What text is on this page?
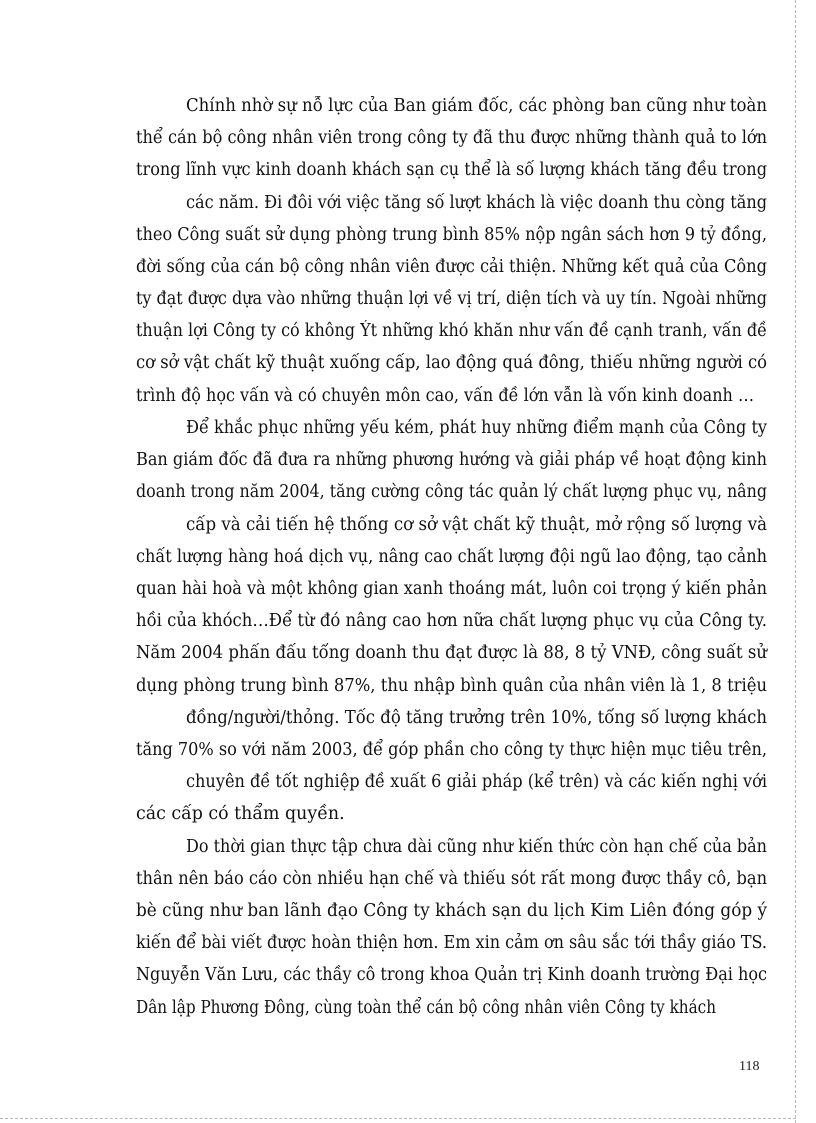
Chính nhờ sự nỗ lực của Ban giám đốc, các phòng ban cũng như toàn
thể cán bộ công nhân viên trong công ty đã thu được những thành quả to lớn
trong lĩnh vực kinh doanh khách sạn cụ thể là số lượng khách tăng đều trong
các năm. Đi đôi với việc tăng số lượt khách là việc doanh thu còng tăng
theo Công suất sử dụng phòng trung bình 85% nộp ngân sách hơn 9 tỷ đồng,
đời sống của cán bộ công nhân viên được cải thiện. Những kết quả của Công
ty đạt được dựa vào những thuận lợi về vị trí, diện tích và uy tín. Ngoài những
thuận lợi Công ty có không Ýt những khó khăn như vấn đề cạnh tranh, vấn đề
cơ sở vật chất kỹ thuật xuống cấp, lao động quá đông, thiếu những người có
trình độ học vấn và có chuyên môn cao, vấn đề lớn vẫn là vốn kinh doanh …
Để khắc phục những yếu kém, phát huy những điểm mạnh của Công ty
Ban giám đốc đã đưa ra những phương hướng và giải pháp về hoạt động kinh
doanh trong năm 2004, tăng cường công tác quản lý chất lượng phục vụ, nâng
cấp và cải tiến hệ thống cơ sở vật chất kỹ thuật, mở rộng số lượng và
chất lượng hàng hoá dịch vụ, nâng cao chất lượng đội ngũ lao động, tạo cảnh
quan hài hoà và một không gian xanh thoáng mát, luôn coi trọng ý kiến phản
hồi của khóch…Để từ đó nâng cao hơn nữa chất lượng phục vụ của Công ty.
Năm 2004 phấn đấu tổng doanh thu đạt được là 88, 8 tỷ VNĐ, công suất sử
dụng phòng trung bình 87%, thu nhập bình quân của nhân viên là 1, 8 triệu
đồng/người/thỏng. Tốc độ tăng trưởng trên 10%, tổng số lượng khách
tăng 70% so với năm 2003, để góp phần cho công ty thực hiện mục tiêu trên,
chuyên đề tốt nghiệp đề xuất 6 giải pháp (kể trên) và các kiến nghị với
các cấp có thẩm quyền.
Do thời gian thực tập chưa dài cũng như kiến thức còn hạn chế của bản
thân nên báo cáo còn nhiều hạn chế và thiếu sót rất mong được thầy cô, bạn
bè cũng như ban lãnh đạo Công ty khách sạn du lịch Kim Liên đóng góp ý
kiến để bài viết được hoàn thiện hơn. Em xin cảm ơn sâu sắc tới thầy giáo TS.
Nguyễn Văn Lưu, các thầy cô trong khoa Quản trị Kinh doanh trường Đại học
Dân lập Phương Đông, cùng toàn thể cán bộ công nhân viên Công ty khách
118
